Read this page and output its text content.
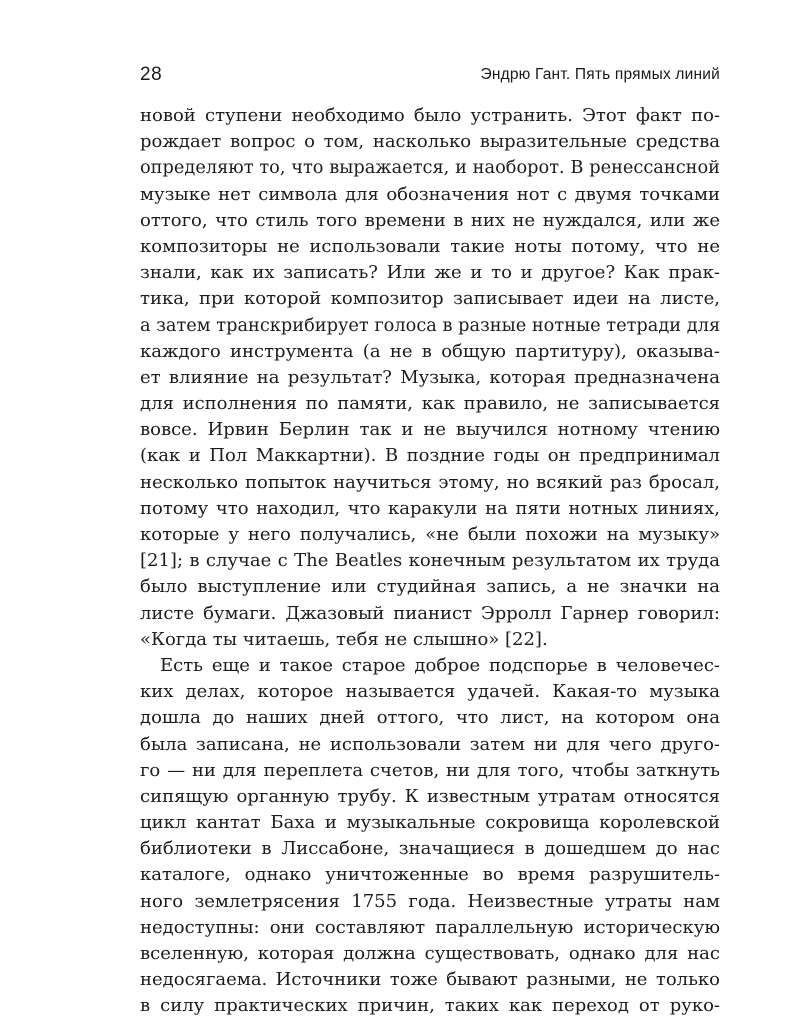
28	Эндрю Гант. Пять прямых линий
новой ступени необходимо было устранить. Этот факт по-
рождает вопрос о том, насколько выразительные средства
определяют то, что выражается, и наоборот. В ренессансной
музыке нет символа для обозначения нот с двумя точками
оттого, что стиль того времени в них не нуждался, или же
композиторы не использовали такие ноты потому, что не
знали, как их записать? Или же и то и другое? Как прак-
тика, при которой композитор записывает идеи на листе,
а затем транскрибирует голоса в разные нотные тетради для
каждого инструмента (а не в общую партитуру), оказыва-
ет влияние на результат? Музыка, которая предназначена
для исполнения по памяти, как правило, не записывается
вовсе. Ирвин Берлин так и не выучился нотному чтению
(как и Пол Маккартни). В поздние годы он предпринимал
несколько попыток научиться этому, но всякий раз бросал,
потому что находил, что каракули на пяти нотных линиях,
которые у него получались, «не были похожи на музыку»
[21]; в случае с The Beatles конечным результатом их труда
было выступление или студийная запись, а не значки на
листе бумаги. Джазовый пианист Эрролл Гарнер говорил:
«Когда ты читаешь, тебя не слышно» [22].
Есть еще и такое старое доброе подспорье в человечес-
ких делах, которое называется удачей. Какая-то музыка
дошла до наших дней оттого, что лист, на котором она
была записана, не использовали затем ни для чего друго-
го — ни для переплета счетов, ни для того, чтобы заткнуть
сипящую органную трубу. К известным утратам относятся
цикл кантат Баха и музыкальные сокровища королевской
библиотеки в Лиссабоне, значащиеся в дошедшем до нас
каталоге, однако уничтоженные во время разрушитель-
ного землетрясения 1755 года. Неизвестные утраты нам
недоступны: они составляют параллельную историческую
вселенную, которая должна существовать, однако для нас
недосягаема. Источники тоже бывают разными, не только
в силу практических причин, таких как переход от руко-
